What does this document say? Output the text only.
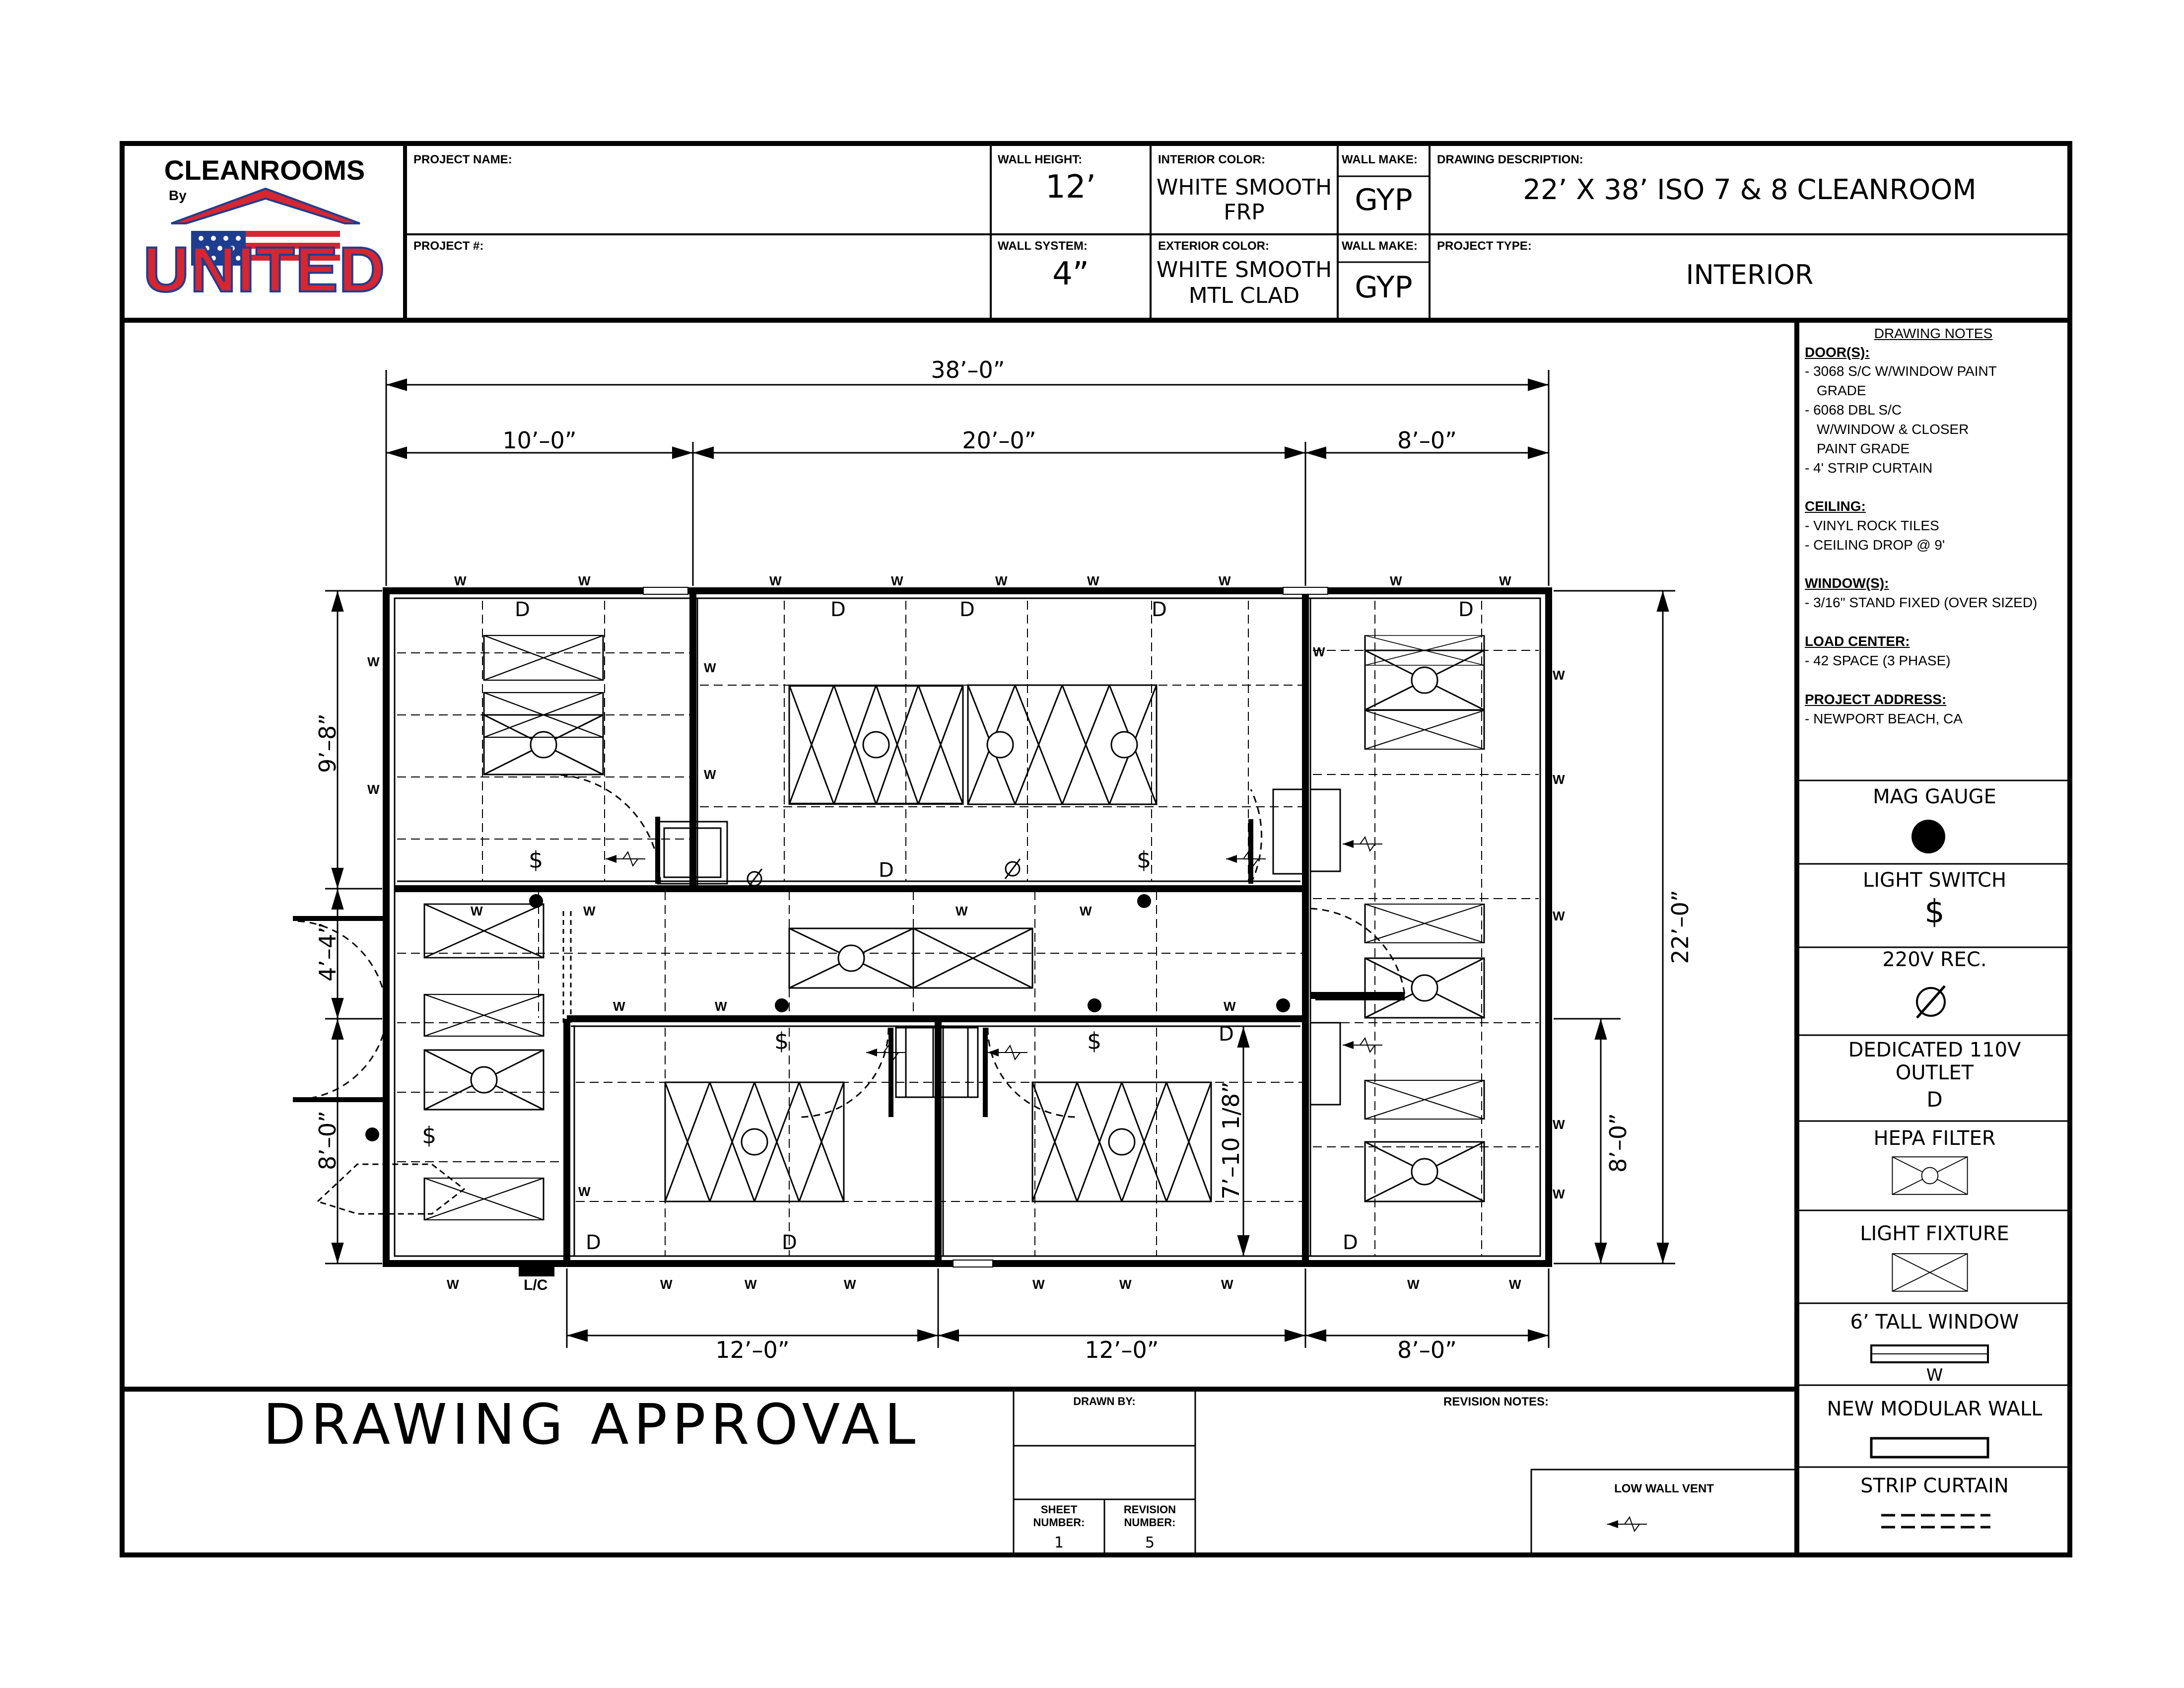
CLEANROOMS
By
UNITED
PROJECT NAME:
PROJECT #:
WALL HEIGHT:
12’
WALL SYSTEM:
4”
INTERIOR COLOR:
WHITE SMOOTH
FRP
EXTERIOR COLOR:
WHITE SMOOTH
MTL CLAD
WALL MAKE:
GYP
WALL MAKE:
GYP
DRAWING DESCRIPTION:
22’ X 38’ ISO 7 & 8 CLEANROOM
PROJECT TYPE:
INTERIOR
DRAWING NOTES
DOOR(S):
- 3068 S/C W/WINDOW PAINT
GRADE
- 6068 DBL S/C
W/WINDOW & CLOSER
PAINT GRADE
- 4' STRIP CURTAIN
CEILING:
- VINYL ROCK TILES
- CEILING DROP @ 9'
WINDOW(S):
- 3/16" STAND FIXED (OVER SIZED)
LOAD CENTER:
- 42 SPACE (3 PHASE)
PROJECT ADDRESS:
- NEWPORT BEACH, CA
MAG GAUGE
LIGHT SWITCH
$
220V REC.
DEDICATED 110V
OUTLET
D
HEPA FILTER
LIGHT FIXTURE
6’ TALL WINDOW
W
NEW MODULAR WALL
STRIP CURTAIN
DRAWING APPROVAL	DRAWN BY:
SHEET
NUMBER:
1
REVISION
NUMBER:
5
REVISION NOTES:
LOW WALL VENT
38’–0”
10’–0”	20’–0”	8’–0”
12’–0”	12’–0”	8’–0”
9’–8”
4’–4”
8’–0”
22’–0”
8’–0”
7’–10 1/8”
L/C
W	W	W	W	W	W	W	W	W
W
W
W
W
W
W
W
W
W
W
W	W	W	W
W	W	W
W
W	W	W	W	W	W	W	W	W
D	D	D	D	D
D
D
D	D	D
$	$
$	$
$
